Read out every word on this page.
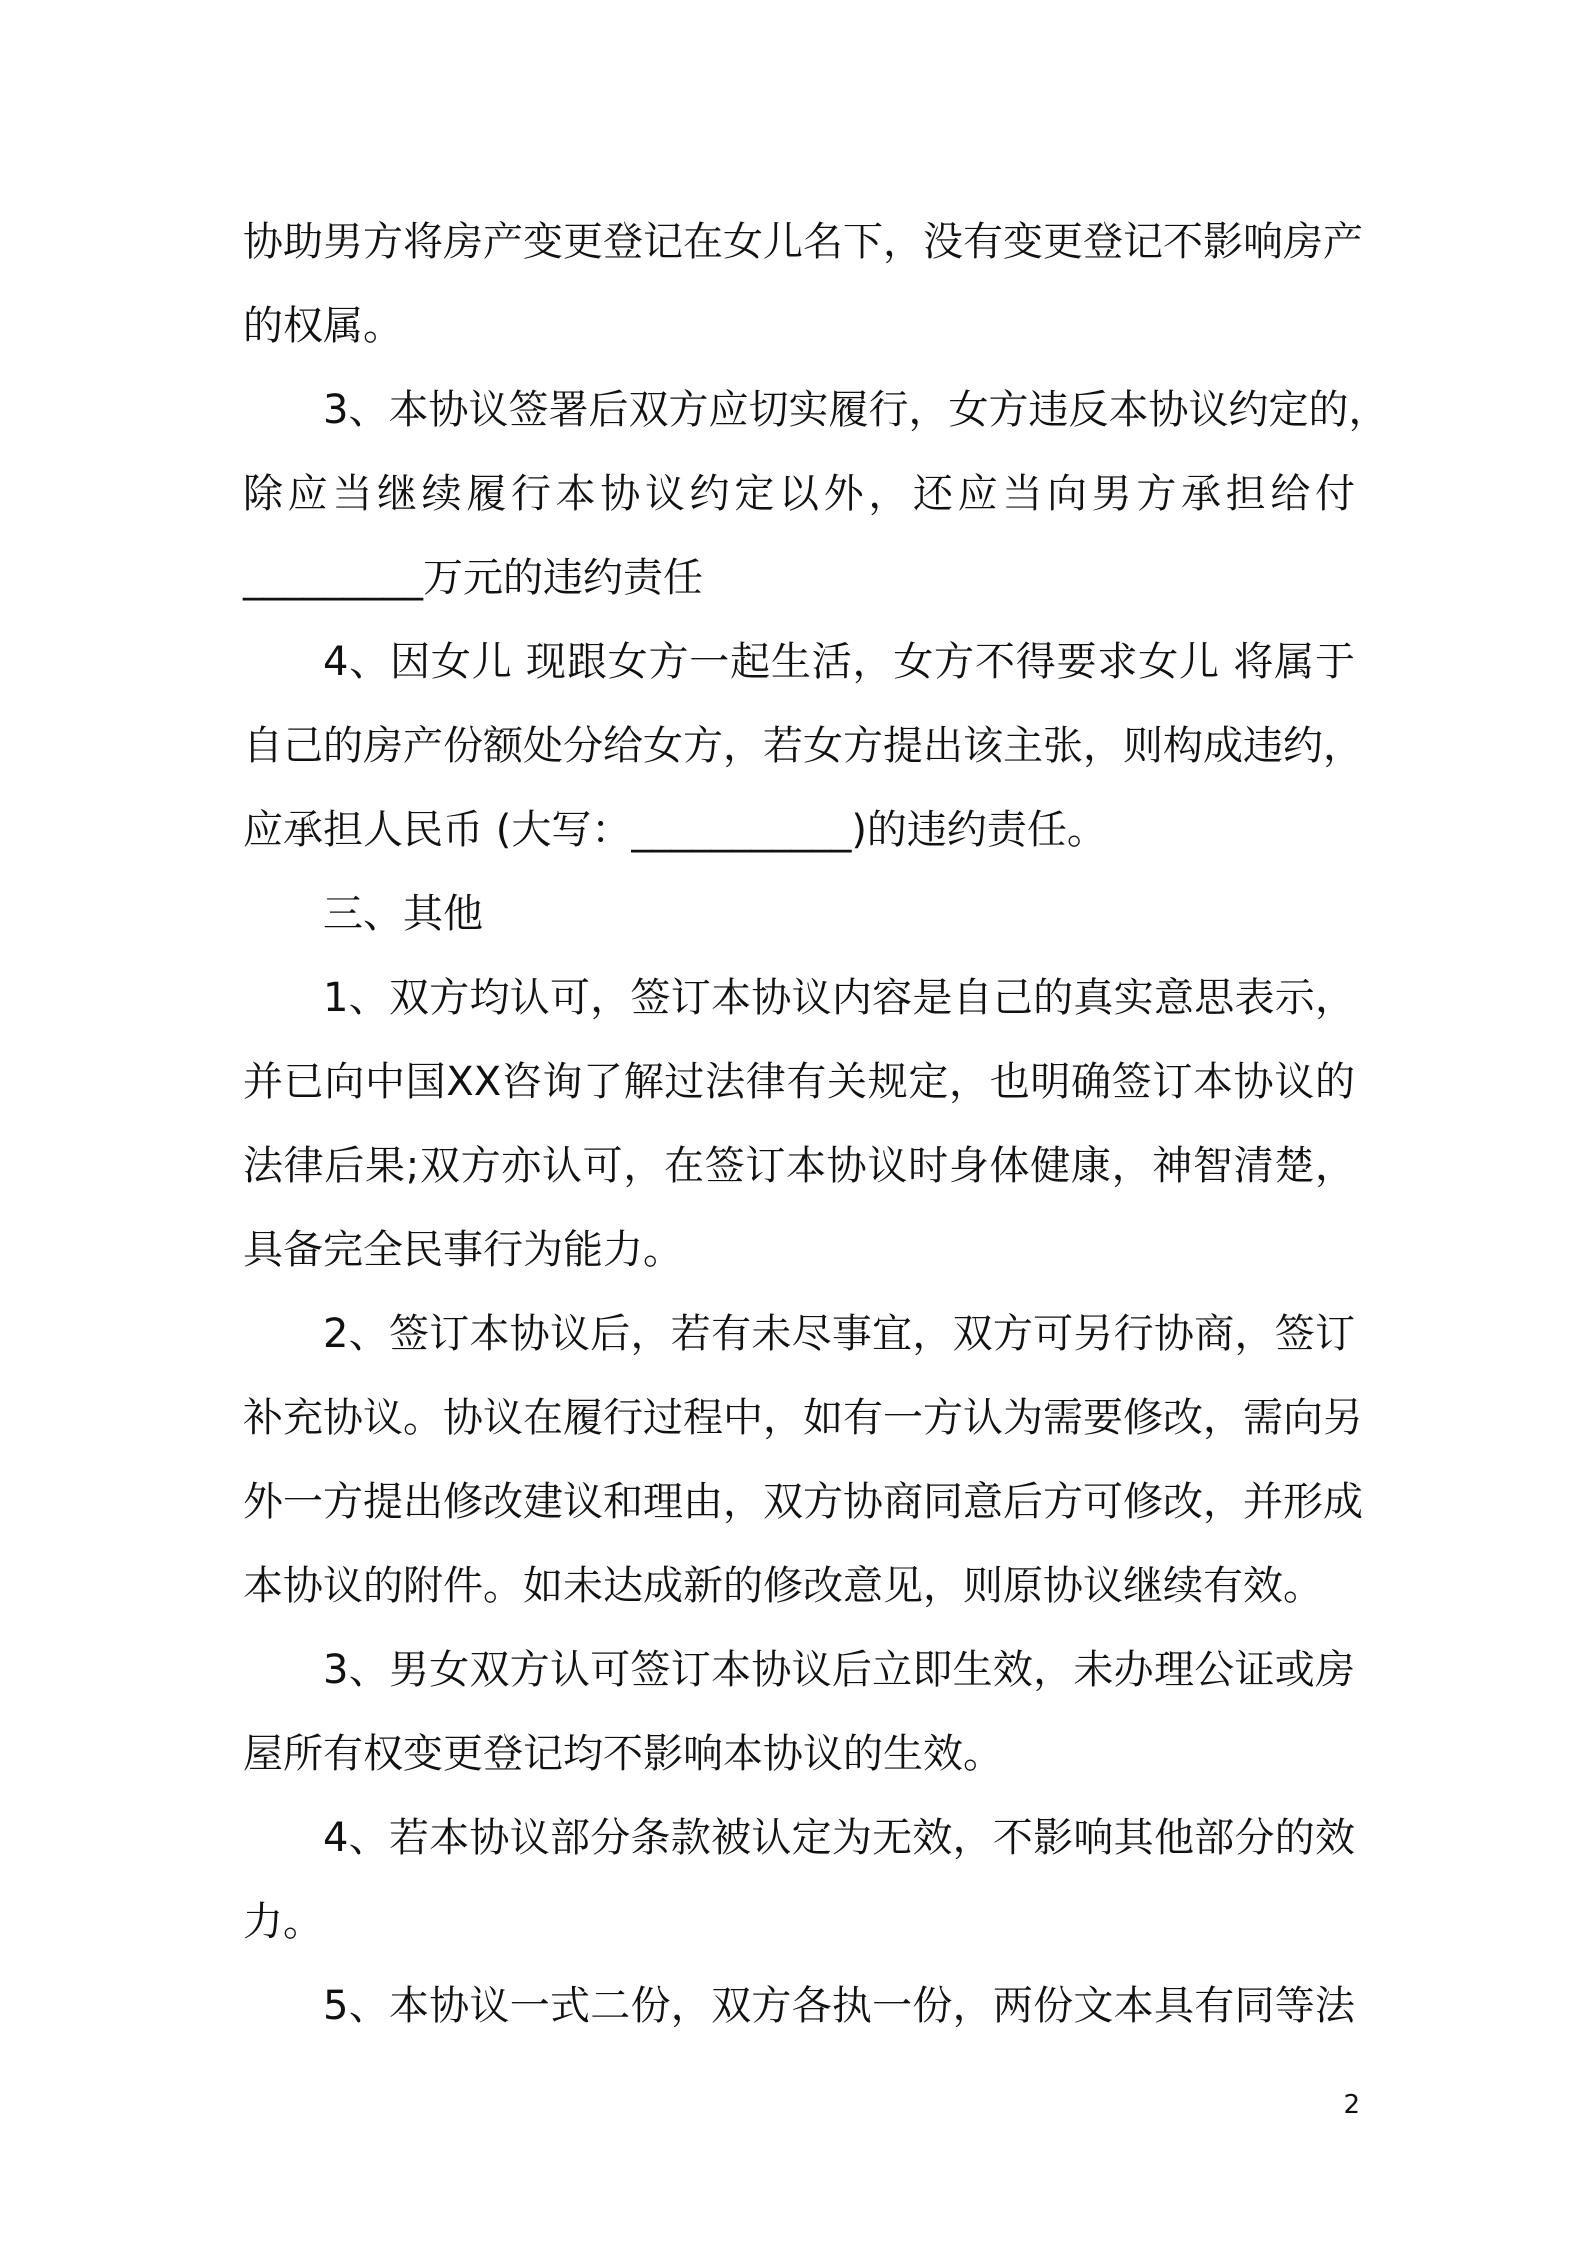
协助男方将房产变更登记在女儿名下，没有变更登记不影响房产
的权属。
3、本协议签署后双方应切实履行，女方违反本协议约定的，
除应当继续履行本协议约定以外，还应当向男方承担给付
_________万元的违约责任
4、因女儿 现跟女方一起生活，女方不得要求女儿 将属于
自己的房产份额处分给女方，若女方提出该主张，则构成违约，
应承担人民币 (大写：___________)的违约责任。
三、其他
1、双方均认可，签订本协议内容是自己的真实意思表示，
并已向中国XX咨询了解过法律有关规定，也明确签订本协议的
法律后果;双方亦认可，在签订本协议时身体健康，神智清楚，
具备完全民事行为能力。
2、签订本协议后，若有未尽事宜，双方可另行协商，签订
补充协议。协议在履行过程中，如有一方认为需要修改，需向另
外一方提出修改建议和理由，双方协商同意后方可修改，并形成
本协议的附件。如未达成新的修改意见，则原协议继续有效。
3、男女双方认可签订本协议后立即生效，未办理公证或房
屋所有权变更登记均不影响本协议的生效。
4、若本协议部分条款被认定为无效，不影响其他部分的效
力。
5、本协议一式二份，双方各执一份，两份文本具有同等法
2
